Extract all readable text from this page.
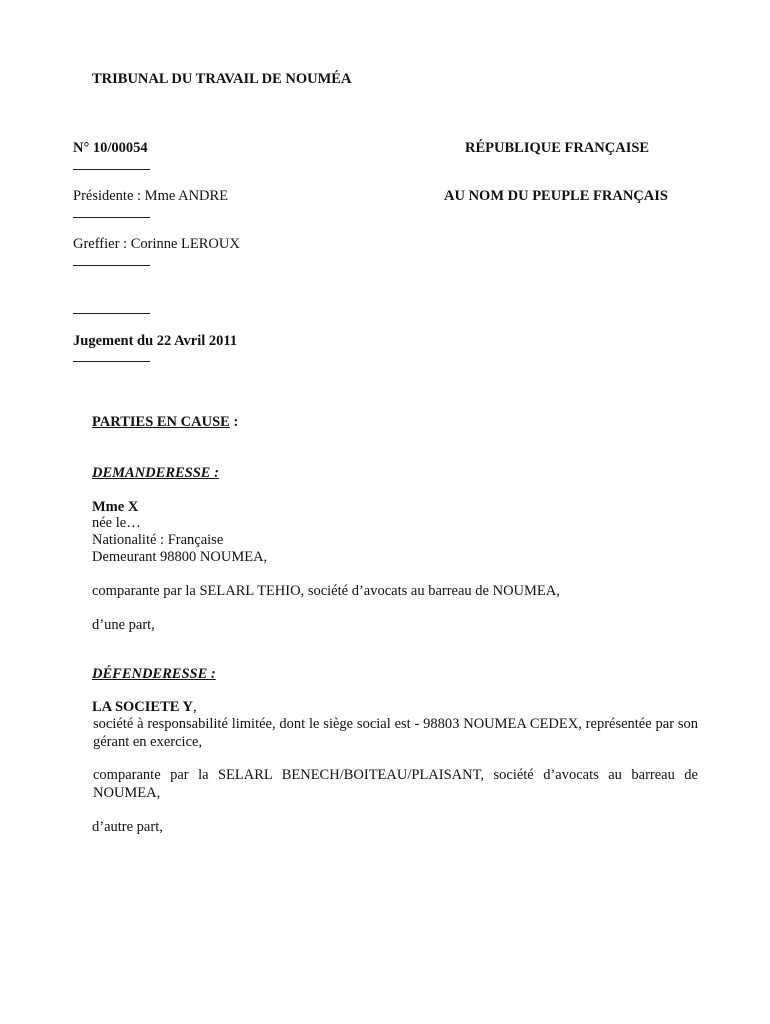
TRIBUNAL DU TRAVAIL DE NOUMÉA
N° 10/00054	RÉPUBLIQUE FRANÇAISE
Présidente : Mme ANDRE	AU NOM DU PEUPLE FRANÇAIS
Greffier : Corinne LEROUX
Jugement du 22 Avril 2011
PARTIES EN CAUSE :
DEMANDERESSE :
Mme X
née le…
Nationalité : Française
Demeurant 98800 NOUMEA,
comparante par la SELARL TEHIO, société d’avocats au barreau de NOUMEA,
d’une part,
DÉFENDERESSE :
LA SOCIETE Y,
société à responsabilité limitée, dont le siège social est - 98803 NOUMEA CEDEX, représentée par son gérant en exercice,
comparante par la SELARL BENECH/BOITEAU/PLAISANT, société d’avocats au barreau de NOUMEA,
d’autre part,
